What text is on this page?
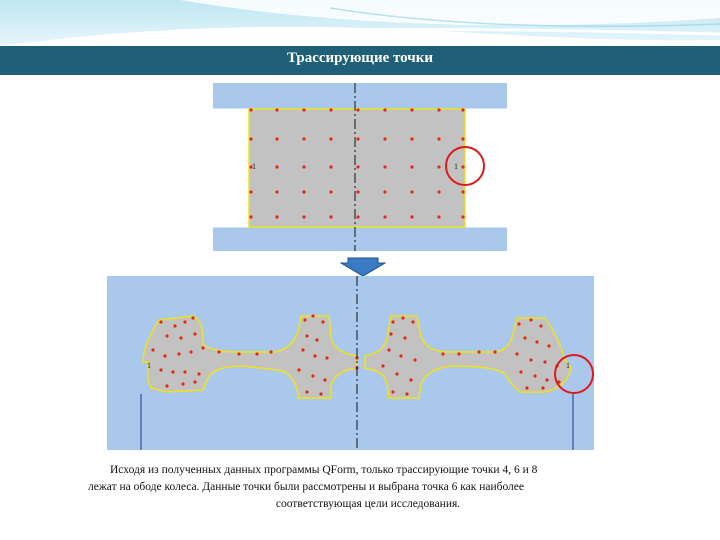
Трассирующие точки
1	1
1	1

Исходя из полученных данных программы QForm, только трассирующие точки 4, 6 и 8

лежат на ободе колеса. Данные точки были рассмотрены и выбрана точка 6 как наиболее

соответствующая цели исследования.
